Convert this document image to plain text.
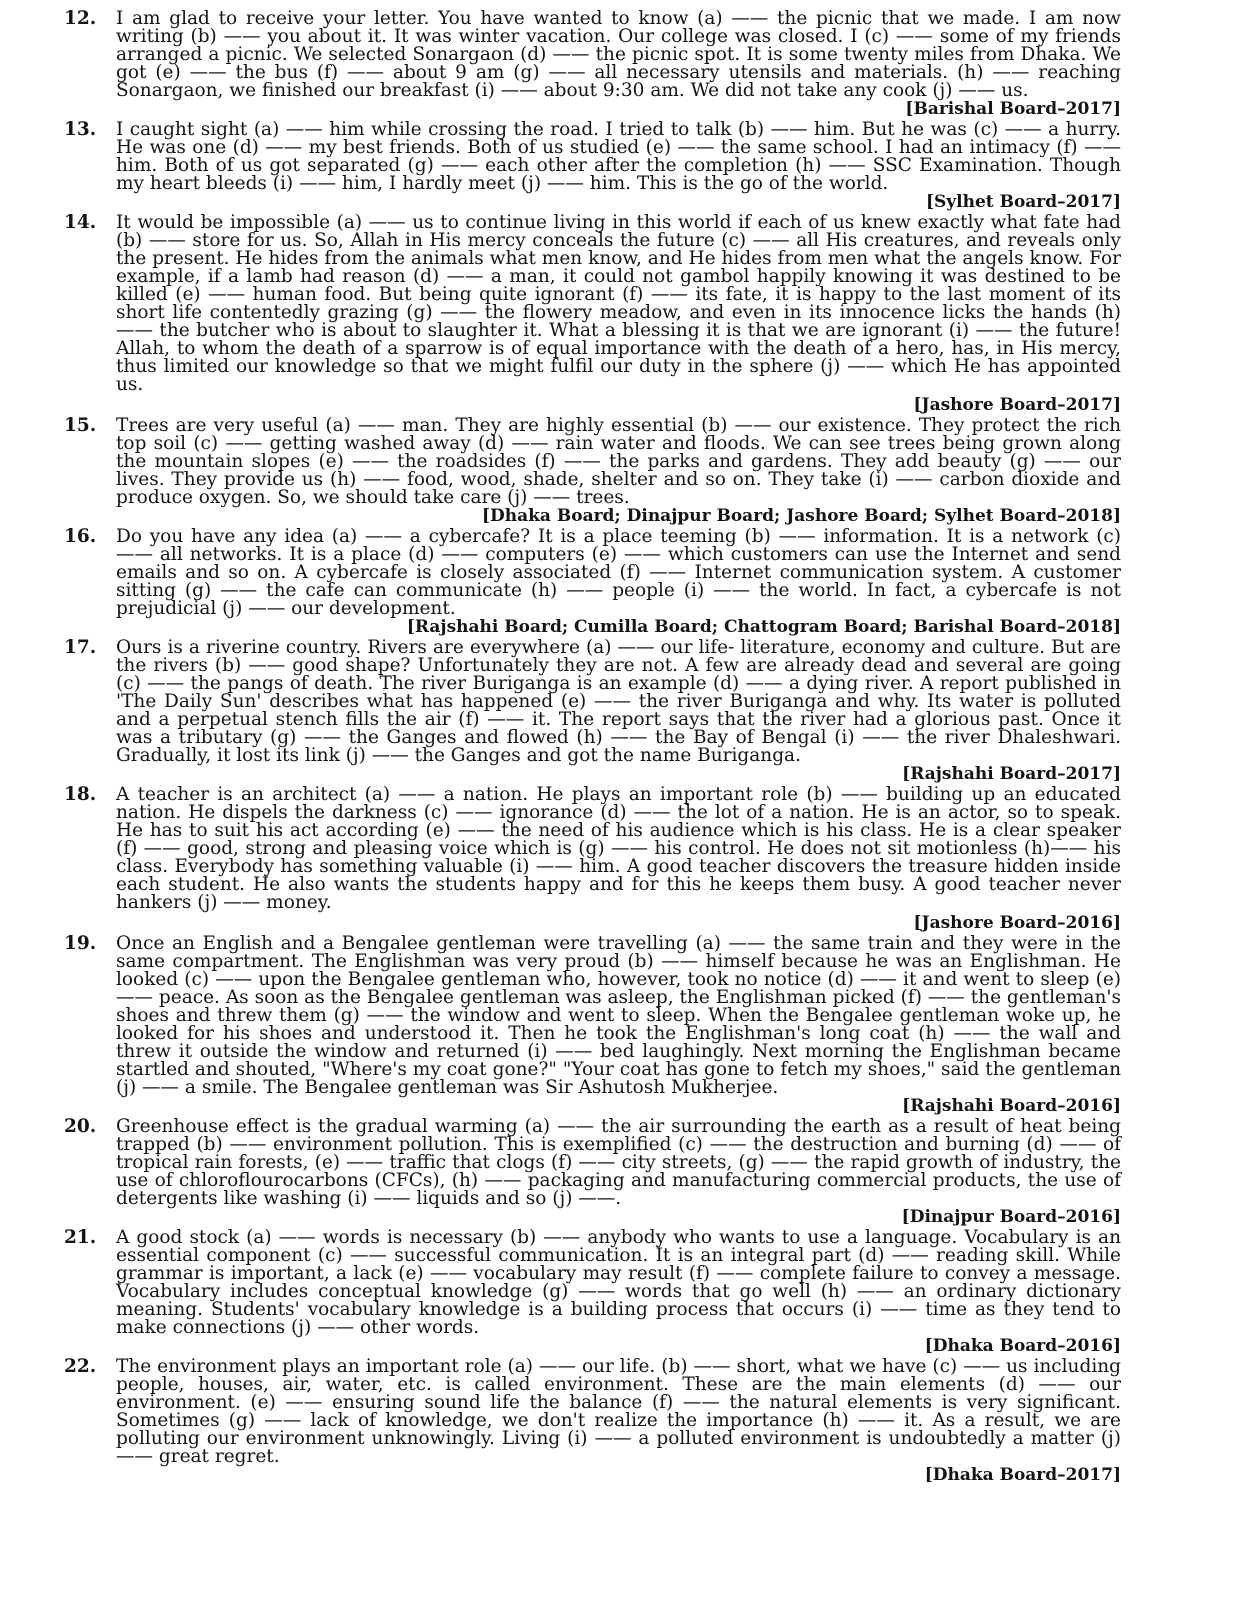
12.	I am glad to receive your letter. You have wanted to know (a) —— the picnic that we made. I am now writing (b) —— you about it. It was winter vacation. Our college was closed. I (c) —— some of my friends arranged a picnic. We selected Sonargaon (d) —— the picnic spot. It is some twenty miles from Dhaka. We got (e) —— the bus (f) —— about 9 am (g) —— all necessary utensils and materials. (h) —— reaching Sonargaon, we finished our breakfast (i) —— about 9:30 am. We did not take any cook (j) —— us.
[Barishal Board–2017]
13.	I caught sight (a) —— him while crossing the road. I tried to talk (b) —— him. But he was (c) —— a hurry. He was one (d) —— my best friends. Both of us studied (e) —— the same school. I had an intimacy (f) —— him. Both of us got separated (g) —— each other after the completion (h) —— SSC Examination. Though my heart bleeds (i) —— him, I hardly meet (j) —— him. This is the go of the world.
[Sylhet Board–2017]
14.	It would be impossible (a) —— us to continue living in this world if each of us knew exactly what fate had (b) —— store for us. So, Allah in His mercy conceals the future (c) —— all His creatures, and reveals only the present. He hides from the animals what men know, and He hides from men what the angels know. For example, if a lamb had reason (d) —— a man, it could not gambol happily knowing it was destined to be killed (e) —— human food. But being quite ignorant (f) —— its fate, it is happy to the last moment of its short life contentedly grazing (g) —— the flowery meadow, and even in its innocence licks the hands (h) —— the butcher who is about to slaughter it. What a blessing it is that we are ignorant (i) —— the future! Allah, to whom the death of a sparrow is of equal importance with the death of a hero, has, in His mercy, thus limited our knowledge so that we might fulfil our duty in the sphere (j) —— which He has appointed us.
[Jashore Board–2017]
15.	Trees are very useful (a) —— man. They are highly essential (b) —— our existence. They protect the rich top soil (c) —— getting washed away (d) —— rain water and floods. We can see trees being grown along the mountain slopes (e) —— the roadsides (f) —— the parks and gardens. They add beauty (g) —— our lives. They provide us (h) —— food, wood, shade, shelter and so on. They take (i) —— carbon dioxide and produce oxygen. So, we should take care (j) —— trees.
[Dhaka Board; Dinajpur Board; Jashore Board; Sylhet Board–2018]
16.	Do you have any idea (a) —— a cybercafe? It is a place teeming (b) —— information. It is a network (c) —— all networks. It is a place (d) —— computers (e) —— which customers can use the Internet and send emails and so on. A cybercafe is closely associated (f) —— Internet communication system. A customer sitting (g) —— the cafe can communicate (h) —— people (i) —— the world. In fact, a cybercafe is not prejudicial (j) —— our development.
[Rajshahi Board; Cumilla Board; Chattogram Board; Barishal Board–2018]
17.	Ours is a riverine country. Rivers are everywhere (a) —— our life- literature, economy and culture. But are the rivers (b) —— good shape? Unfortunately they are not. A few are already dead and several are going (c) —— the pangs of death. The river Buriganga is an example (d) —— a dying river. A report published in 'The Daily Sun' describes what has happened (e) —— the river Buriganga and why. Its water is polluted and a perpetual stench fills the air (f) —— it. The report says that the river had a glorious past. Once it was a tributary (g) —— the Ganges and flowed (h) —— the Bay of Bengal (i) —— the river Dhaleshwari. Gradually, it lost its link (j) —— the Ganges and got the name Buriganga.
[Rajshahi Board–2017]
18.	A teacher is an architect (a) —— a nation. He plays an important role (b) —— building up an educated nation. He dispels the darkness (c) —— ignorance (d) —— the lot of a nation. He is an actor, so to speak. He has to suit his act according (e) —— the need of his audience which is his class. He is a clear speaker (f) —— good, strong and pleasing voice which is (g) —— his control. He does not sit motionless (h)—— his class. Everybody has something valuable (i) —— him. A good teacher discovers the treasure hidden inside each student. He also wants the students happy and for this he keeps them busy. A good teacher never hankers (j) —— money.
[Jashore Board–2016]
19.	Once an English and a Bengalee gentleman were travelling (a) —— the same train and they were in the same compartment. The Englishman was very proud (b) —— himself because he was an Englishman. He looked (c) —— upon the Bengalee gentleman who, however, took no notice (d) —— it and went to sleep (e) —— peace. As soon as the Bengalee gentleman was asleep, the Englishman picked (f) —— the gentleman's shoes and threw them (g) —— the window and went to sleep. When the Bengalee gentleman woke up, he looked for his shoes and understood it. Then he took the Englishman's long coat (h) —— the wall and threw it outside the window and returned (i) —— bed laughingly. Next morning the Englishman became startled and shouted, "Where's my coat gone?" "Your coat has gone to fetch my shoes," said the gentleman (j) —— a smile. The Bengalee gentleman was Sir Ashutosh Mukherjee.
[Rajshahi Board–2016]
20.	Greenhouse effect is the gradual warming (a) —— the air surrounding the earth as a result of heat being trapped (b) —— environment pollution. This is exemplified (c) —— the destruction and burning (d) —— of tropical rain forests, (e) —— traffic that clogs (f) —— city streets, (g) —— the rapid growth of industry, the use of chloroflourocarbons (CFCs), (h) —— packaging and manufacturing commercial products, the use of detergents like washing (i) —— liquids and so (j) ——.
[Dinajpur Board–2016]
21.	A good stock (a) —— words is necessary (b) —— anybody who wants to use a language. Vocabulary is an essential component (c) —— successful communication. It is an integral part (d) —— reading skill. While grammar is important, a lack (e) —— vocabulary may result (f) —— complete failure to convey a message. Vocabulary includes conceptual knowledge (g) —— words that go well (h) —— an ordinary dictionary meaning. Students' vocabulary knowledge is a building process that occurs (i) —— time as they tend to make connections (j) —— other words.
[Dhaka Board–2016]
22.	The environment plays an important role (a) —— our life. (b) —— short, what we have (c) —— us including people, houses, air, water, etc. is called environment. These are the main elements (d) —— our environment. (e) —— ensuring sound life the balance (f) —— the natural elements is very significant. Sometimes (g) —— lack of knowledge, we don't realize the importance (h) —— it. As a result, we are polluting our environment unknowingly. Living (i) —— a polluted environment is undoubtedly a matter (j) —— great regret.
[Dhaka Board–2017]
